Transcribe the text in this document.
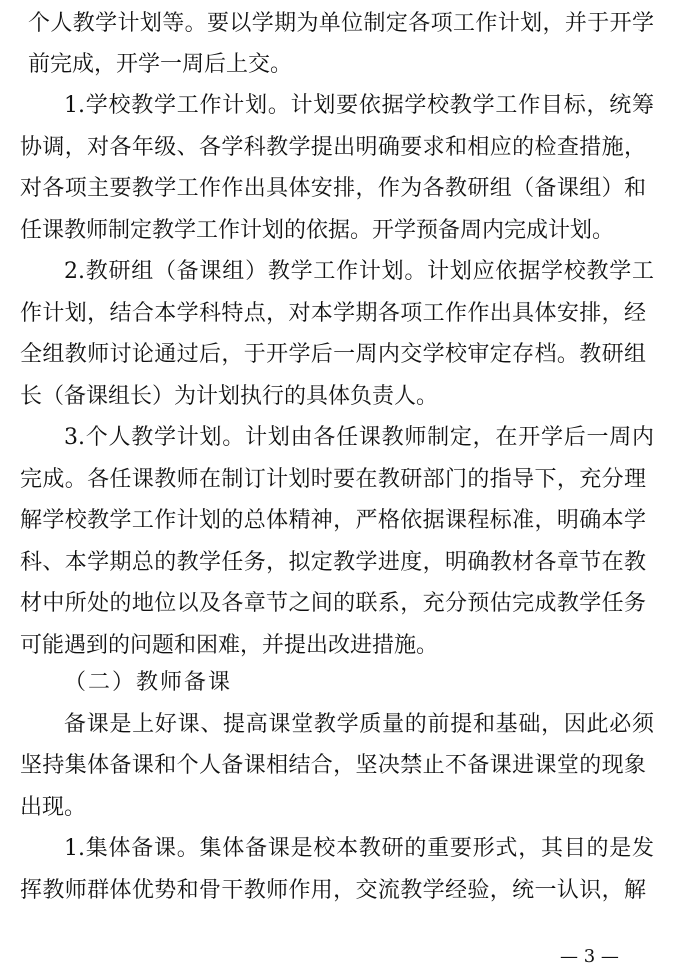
个人教学计划等。要以学期为单位制定各项工作计划，并于开学
前完成，开学一周后上交。
1.学校教学工作计划。计划要依据学校教学工作目标，统筹
协调，对各年级、各学科教学提出明确要求和相应的检查措施，
对各项主要教学工作作出具体安排，作为各教研组（备课组）和
任课教师制定教学工作计划的依据。开学预备周内完成计划。
2.教研组（备课组）教学工作计划。计划应依据学校教学工
作计划，结合本学科特点，对本学期各项工作作出具体安排，经
全组教师讨论通过后，于开学后一周内交学校审定存档。教研组
长（备课组长）为计划执行的具体负责人。
3.个人教学计划。计划由各任课教师制定，在开学后一周内
完成。各任课教师在制订计划时要在教研部门的指导下，充分理
解学校教学工作计划的总体精神，严格依据课程标准，明确本学
科、本学期总的教学任务，拟定教学进度，明确教材各章节在教
材中所处的地位以及各章节之间的联系，充分预估完成教学任务
可能遇到的问题和困难，并提出改进措施。
（二）教师备课
备课是上好课、提高课堂教学质量的前提和基础，因此必须
坚持集体备课和个人备课相结合，坚决禁止不备课进课堂的现象
出现。
1.集体备课。集体备课是校本教研的重要形式，其目的是发
挥教师群体优势和骨干教师作用，交流教学经验，统一认识，解
— 3 —
